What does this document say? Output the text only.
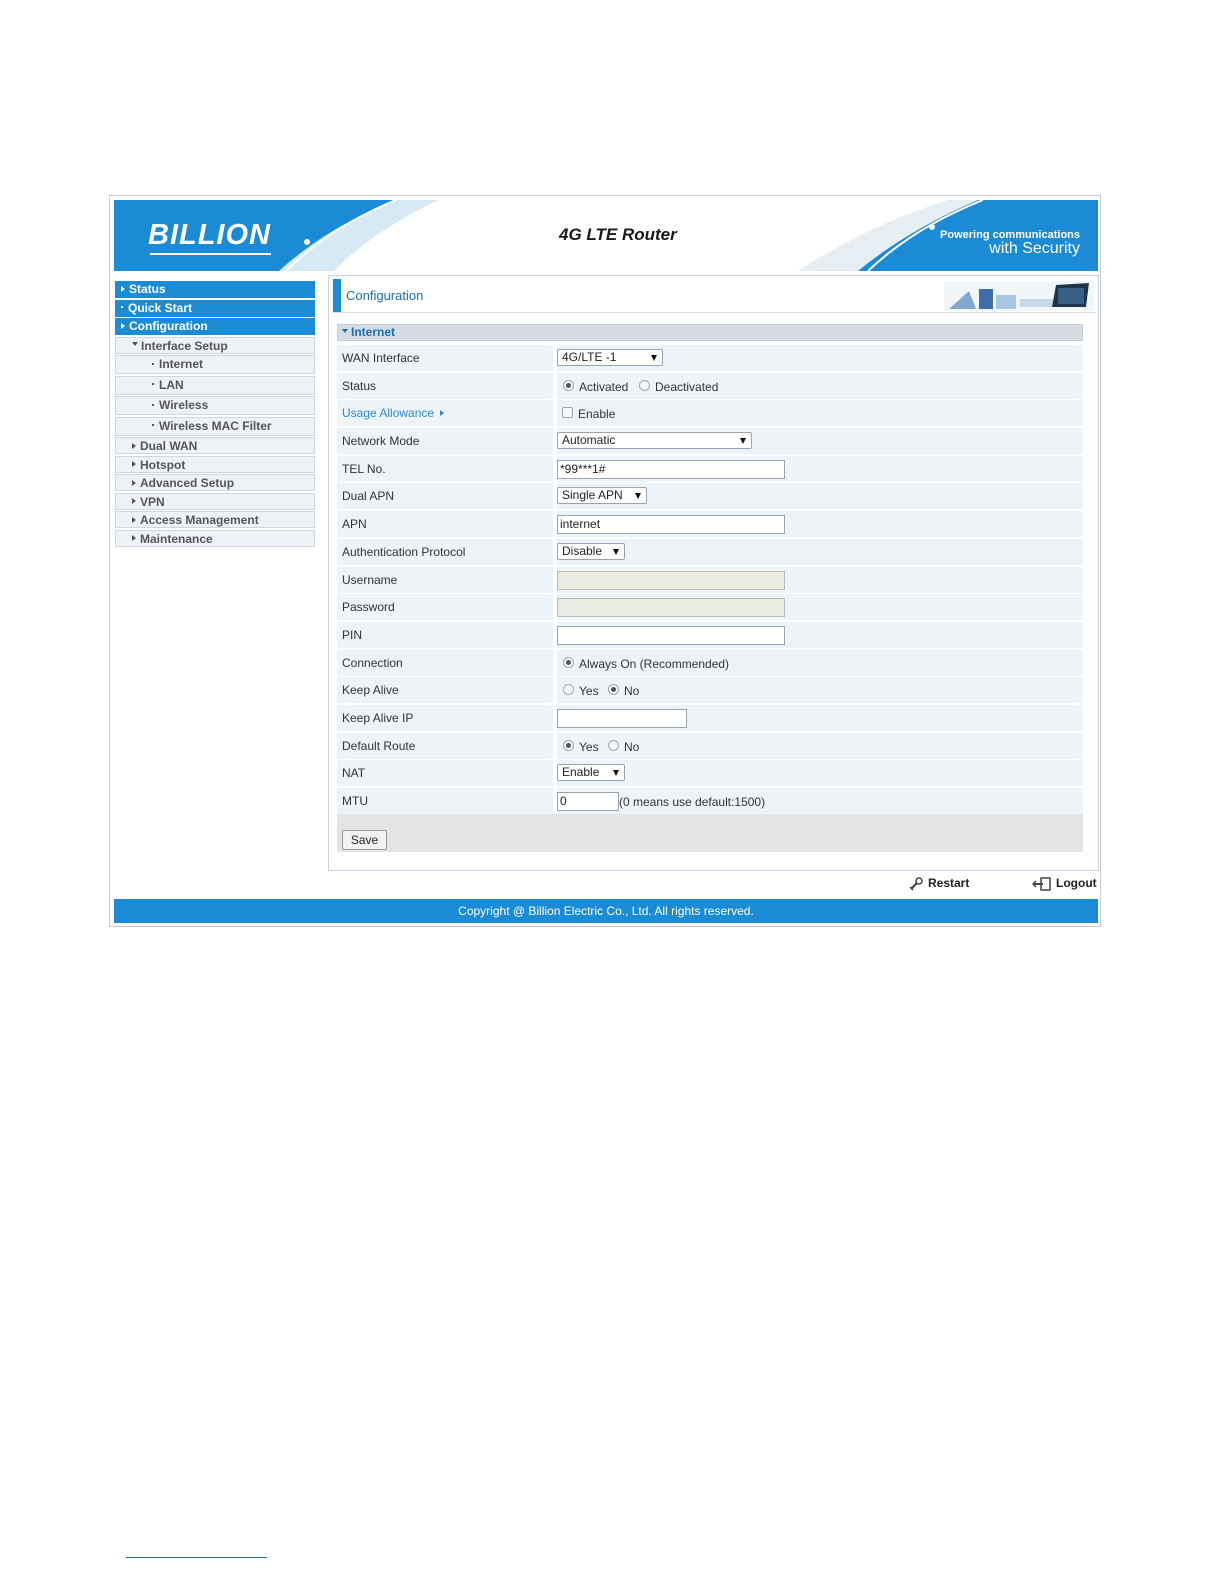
BILLION	4G LTE Router	Powering communications
with Security
Status
Quick Start
Configuration
Interface Setup
Internet
LAN
Wireless
Wireless MAC Filter
Dual WAN
Hotspot
Advanced Setup
VPN
Access Management
Maintenance
Configuration
Internet
WAN Interface	4G/LTE -1
Status	Activated Deactivated
Usage Allowance	Enable
Network Mode	Automatic
TEL No.	*99***1#
Dual APN	Single APN
APN	internet
Authentication Protocol	Disable
Username
Password
PIN
Connection	Always On (Recommended)
Keep Alive	Yes No
Keep Alive IP
Default Route	Yes No
NAT	Enable
MTU	0	(0 means use default:1500)
Save
Restart	Logout
Copyright @ Billion Electric Co., Ltd. All rights reserved.
